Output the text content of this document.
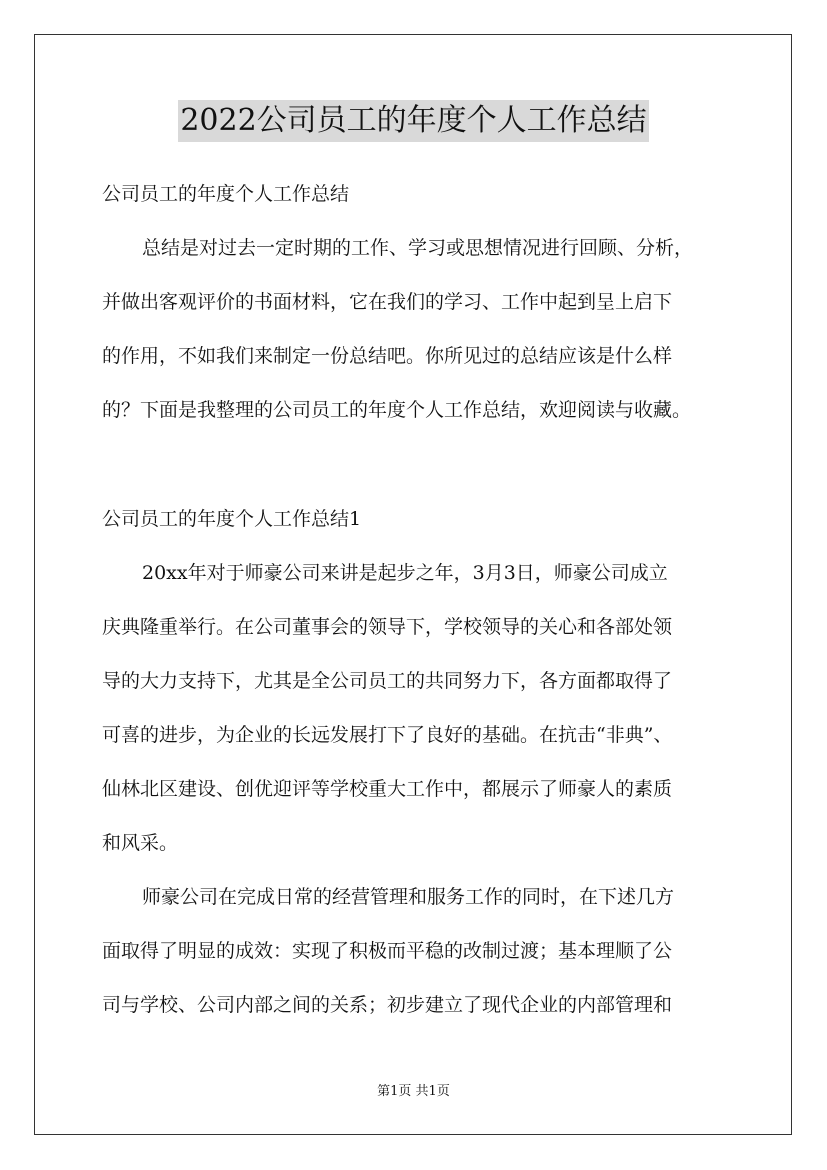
2022公司员工的年度个人工作总结
公司员工的年度个人工作总结
总结是对过去一定时期的工作、学习或思想情况进行回顾、分析，
并做出客观评价的书面材料，它在我们的学习、工作中起到呈上启下
的作用，不如我们来制定一份总结吧。你所见过的总结应该是什么样
的？下面是我整理的公司员工的年度个人工作总结，欢迎阅读与收藏。
公司员工的年度个人工作总结1
20xx年对于师豪公司来讲是起步之年，3月3日，师豪公司成立
庆典隆重举行。在公司董事会的领导下，学校领导的关心和各部处领
导的大力支持下，尤其是全公司员工的共同努力下，各方面都取得了
可喜的进步，为企业的长远发展打下了良好的基础。在抗击“非典”、
仙林北区建设、创优迎评等学校重大工作中，都展示了师豪人的素质
和风采。
师豪公司在完成日常的经营管理和服务工作的同时，在下述几方
面取得了明显的成效：实现了积极而平稳的改制过渡；基本理顺了公
司与学校、公司内部之间的关系；初步建立了现代企业的内部管理和
第1页 共1页
